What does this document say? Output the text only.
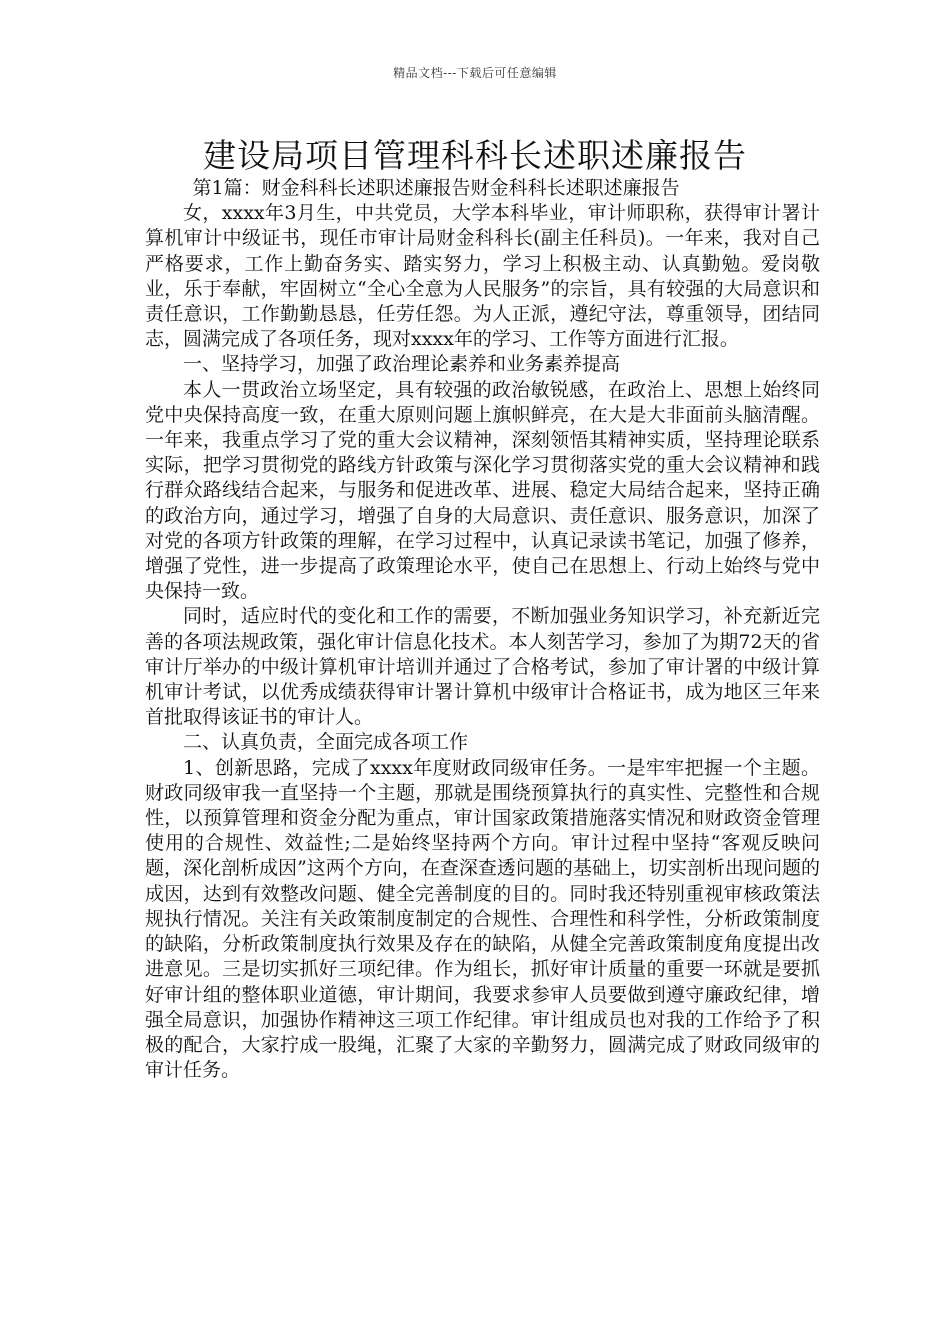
精品文档---下载后可任意编辑
建设局项目管理科科长述职述廉报告

第1篇：财金科科长述职述廉报告财金科科长述职述廉报告

女，xxxx年3月生，中共党员，大学本科毕业，审计师职称，获得审计署计算机审计中级证书，现任市审计局财金科科长(副主任科员)。一年来，我对自己严格要求，工作上勤奋务实、踏实努力，学习上积极主动、认真勤勉。爱岗敬业，乐于奉献，牢固树立“全心全意为人民服务”的宗旨，具有较强的大局意识和责任意识，工作勤勤恳恳，任劳任怨。为人正派，遵纪守法，尊重领导，团结同志，圆满完成了各项任务，现对xxxx年的学习、工作等方面进行汇报。

一、坚持学习，加强了政治理论素养和业务素养提高

本人一贯政治立场坚定，具有较强的政治敏锐感，在政治上、思想上始终同党中央保持高度一致，在重大原则问题上旗帜鲜亮，在大是大非面前头脑清醒。一年来，我重点学习了党的重大会议精神，深刻领悟其精神实质，坚持理论联系实际，把学习贯彻党的路线方针政策与深化学习贯彻落实党的重大会议精神和践行群众路线结合起来，与服务和促进改革、进展、稳定大局结合起来，坚持正确的政治方向，通过学习，增强了自身的大局意识、责任意识、服务意识，加深了对党的各项方针政策的理解，在学习过程中，认真记录读书笔记，加强了修养，增强了党性，进一步提高了政策理论水平，使自己在思想上、行动上始终与党中央保持一致。

同时，适应时代的变化和工作的需要，不断加强业务知识学习，补充新近完善的各项法规政策，强化审计信息化技术。本人刻苦学习，参加了为期72天的省审计厅举办的中级计算机审计培训并通过了合格考试，参加了审计署的中级计算机审计考试，以优秀成绩获得审计署计算机中级审计合格证书，成为地区三年来首批取得该证书的审计人。

二、认真负责，全面完成各项工作

1、创新思路，完成了xxxx年度财政同级审任务。一是牢牢把握一个主题。财政同级审我一直坚持一个主题，那就是围绕预算执行的真实性、完整性和合规性，以预算管理和资金分配为重点，审计国家政策措施落实情况和财政资金管理使用的合规性、效益性;二是始终坚持两个方向。审计过程中坚持“客观反映问题，深化剖析成因”这两个方向，在查深查透问题的基础上，切实剖析出现问题的成因，达到有效整改问题、健全完善制度的目的。同时我还特别重视审核政策法规执行情况。关注有关政策制度制定的合规性、合理性和科学性，分析政策制度的缺陷，分析政策制度执行效果及存在的缺陷，从健全完善政策制度角度提出改进意见。三是切实抓好三项纪律。作为组长，抓好审计质量的重要一环就是要抓好审计组的整体职业道德，审计期间，我要求参审人员要做到遵守廉政纪律，增强全局意识，加强协作精神这三项工作纪律。审计组成员也对我的工作给予了积极的配合，大家拧成一股绳，汇聚了大家的辛勤努力，圆满完成了财政同级审的审计任务。
